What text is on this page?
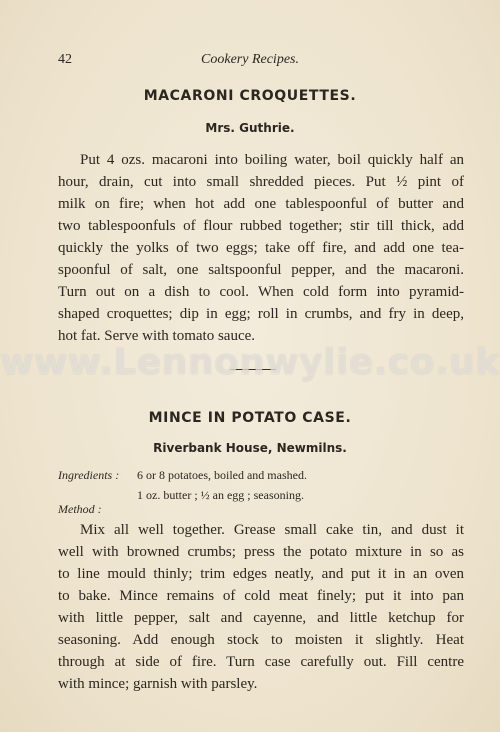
42	Cookery Recipes.
MACARONI CROQUETTES.
Mrs. Guthrie.
Put 4 ozs. macaroni into boiling water, boil quickly half an
hour, drain, cut into small shredded pieces. Put ½ pint of
milk on fire; when hot add one tablespoonful of butter and
two tablespoonfuls of flour rubbed together; stir till thick, add
quickly the yolks of two eggs; take off fire, and add one tea-
spoonful of salt, one saltspoonful pepper, and the macaroni.
Turn out on a dish to cool. When cold form into pyramid-
shaped croquettes; dip in egg; roll in crumbs, and fry in deep,
hot fat. Serve with tomato sauce.
MINCE IN POTATO CASE.
Riverbank House, Newmilns.
Ingredients : 6 or 8 potatoes, boiled and mashed.
1 oz. butter ; ½ an egg ; seasoning.
Method :
Mix all well together. Grease small cake tin, and dust it
well with browned crumbs; press the potato mixture in so as
to line mould thinly; trim edges neatly, and put it in an oven
to bake. Mince remains of cold meat finely; put it into pan
with little pepper, salt and cayenne, and little ketchup for
seasoning. Add enough stock to moisten it slightly. Heat
through at side of fire. Turn case carefully out. Fill centre
with mince; garnish with parsley.
www.Lennonwylie.co.uk
